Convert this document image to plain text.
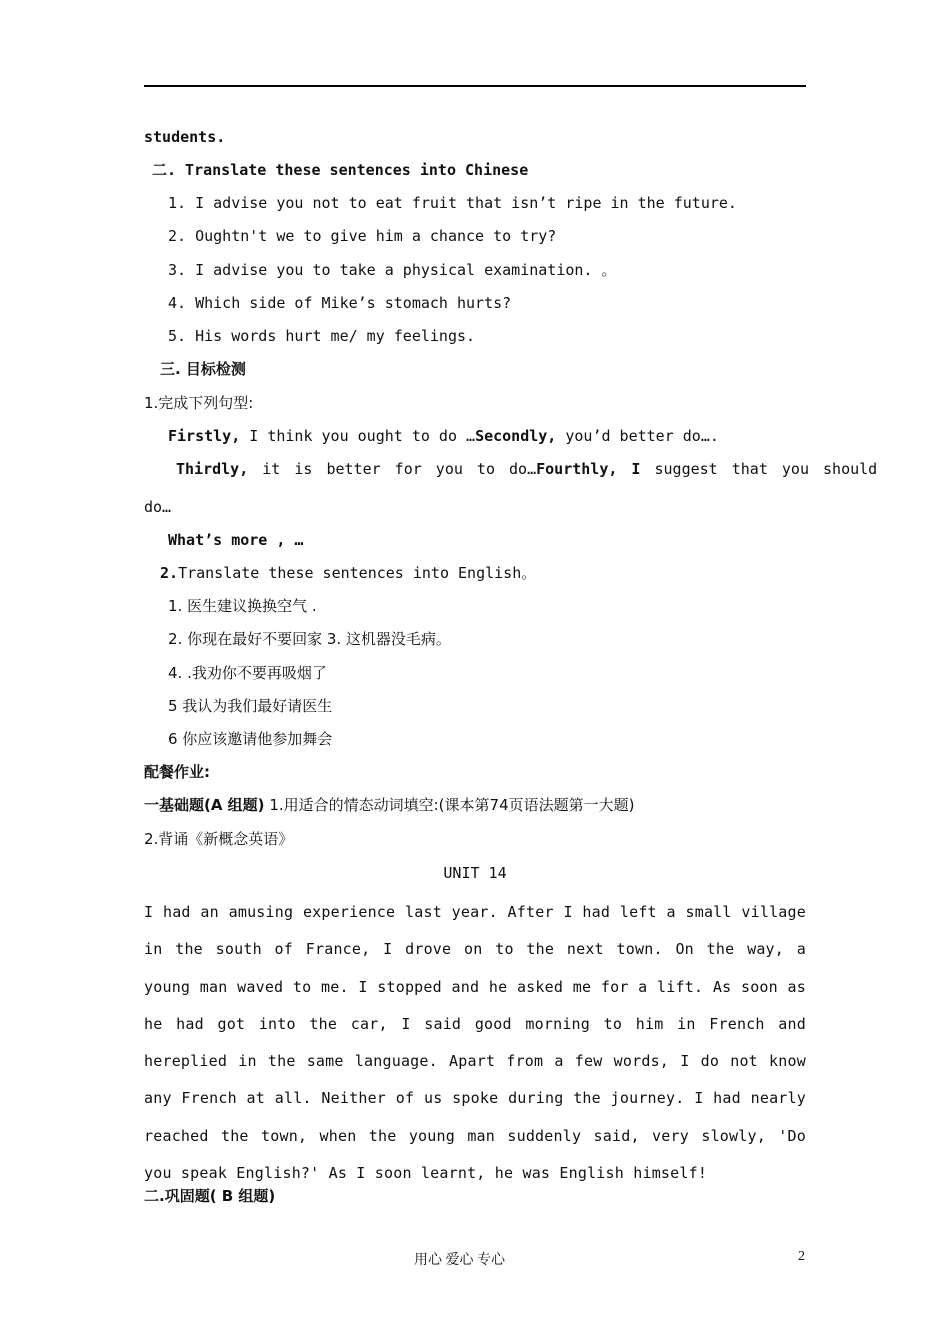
students.
二. Translate these sentences into Chinese
1. I advise you not to eat fruit that isn’t ripe in the future.
2. Oughtn't we to give him a chance to try?
3. I advise you to take a physical examination. 。
4. Which side of Mike’s stomach hurts?
5. His words hurt me/ my feelings.
三. 目标检测
1.完成下列句型:
Firstly, I think you ought to do …Secondly, you’d better do….
Thirdly, it is better for you to do…Fourthly, I suggest that you should
do…
What’s more , …
2.Translate these sentences into English。
1. 医生建议换换空气 .
2. 你现在最好不要回家 3. 这机器没毛病。
4. .我劝你不要再吸烟了
5 我认为我们最好请医生
6 你应该邀请他参加舞会
配餐作业:
一基础题(A 组题) 1.用适合的情态动词填空:(课本第74页语法题第一大题)
2.背诵《新概念英语》
UNIT 14
I had an amusing experience last year. After I had left a small village in the south of France, I drove on to the next town. On the way, a young man waved to me. I stopped and he asked me for a lift. As soon as he had got into the car, I said good morning to him in French and hereplied in the same language. Apart from a few words, I do not know any French at all. Neither of us spoke during the journey. I had nearly reached the town, when the young man suddenly said, very slowly, 'Do you speak English?' As I soon learnt, he was English himself!
二.巩固题( B 组题)
用心 爱心 专心	2
